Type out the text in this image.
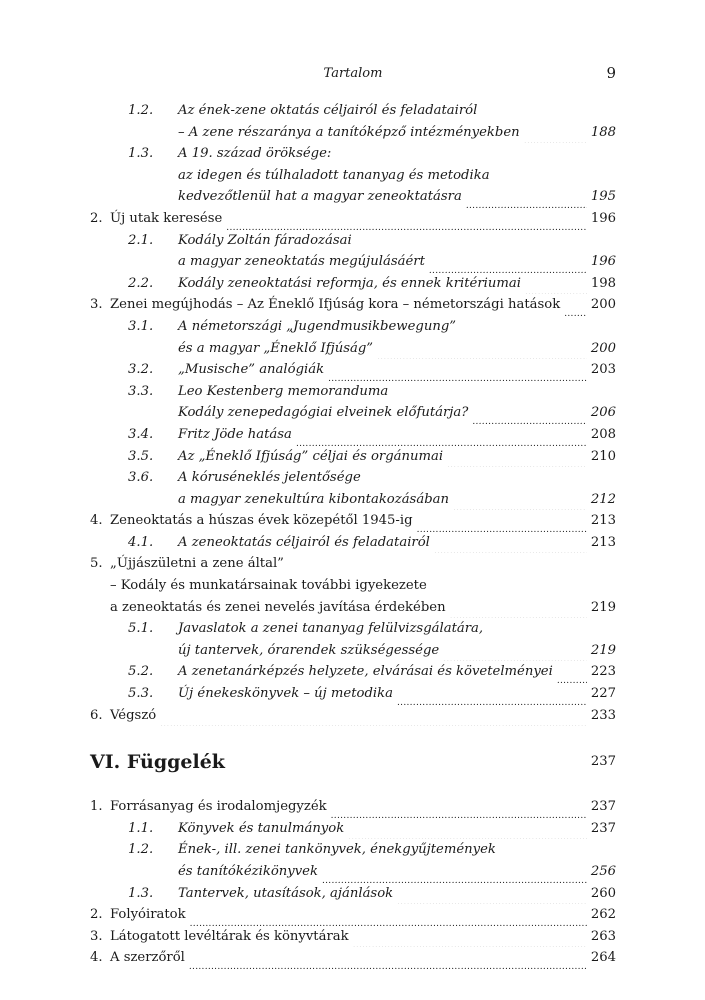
Tartalom	9
1.2.	Az ének-zene oktatás céljairól és feladatairól
– A zene részaránya a tanítóképző intézményekben .....	188
1.3.	A 19. század öröksége:
az idegen és túlhaladott tananyag és metodika
kedvezőtlenül hat a magyar zeneoktatásra .....	195
2. Új utak keresése .....	196
2.1.	Kodály Zoltán fáradozásai
a magyar zeneoktatás megújulásáért .....	196
2.2.	Kodály zeneoktatási reformja, és ennek kritériumai .....	198
3. Zenei megújhodás – Az Éneklő Ifjúság kora – németországi hatások ..... 200
3.1.	A németországi „Jugendmusikbewegung”
és a magyar „Éneklő Ifjúság” .....	200
3.2.	„Musische” analógiák .....	203
3.3.	Leo Kestenberg memoranduma
Kodály zenepedagógiai elveinek előfutárja? .....	206
3.4.	Fritz Jöde hatása .....	208
3.5.	Az „Éneklő Ifjúság” céljai és orgánumai .....	210
3.6.	A kóruséneklés jelentősége
a magyar zenekultúra kibontakozásában .....	212
4. Zeneoktatás a húszas évek közepétől 1945-ig .....	213
4.1.	A zeneoktatás céljairól és feladatairól .....	213
5. „Újjászületni a zene által”
– Kodály és munkatársainak további igyekezete
a zeneoktatás és zenei nevelés javítása érdekében .....	219
5.1.	Javaslatok a zenei tananyag felülvizsgálatára,
új tantervek, órarendek szükségessége .....	219
5.2.	A zenetanárképzés helyzete, elvárásai és követelményei .....	223
5.3.	Új énekeskönyvek – új metodika .....	227
6. Végszó .....	233
VI. Függelék .....	237
1. Forrásanyag és irodalomjegyzék .....	237
1.1.	Könyvek és tanulmányok .....	237
1.2.	Ének-, ill. zenei tankönyvek, énekgyűjtemények
és tanítókézikönyvek .....	256
1.3.	Tantervek, utasítások, ajánlások .....	260
2. Folyóiratok .....	262
3. Látogatott levéltárak és könyvtárak .....	263
4. A szerzőről .....	264
